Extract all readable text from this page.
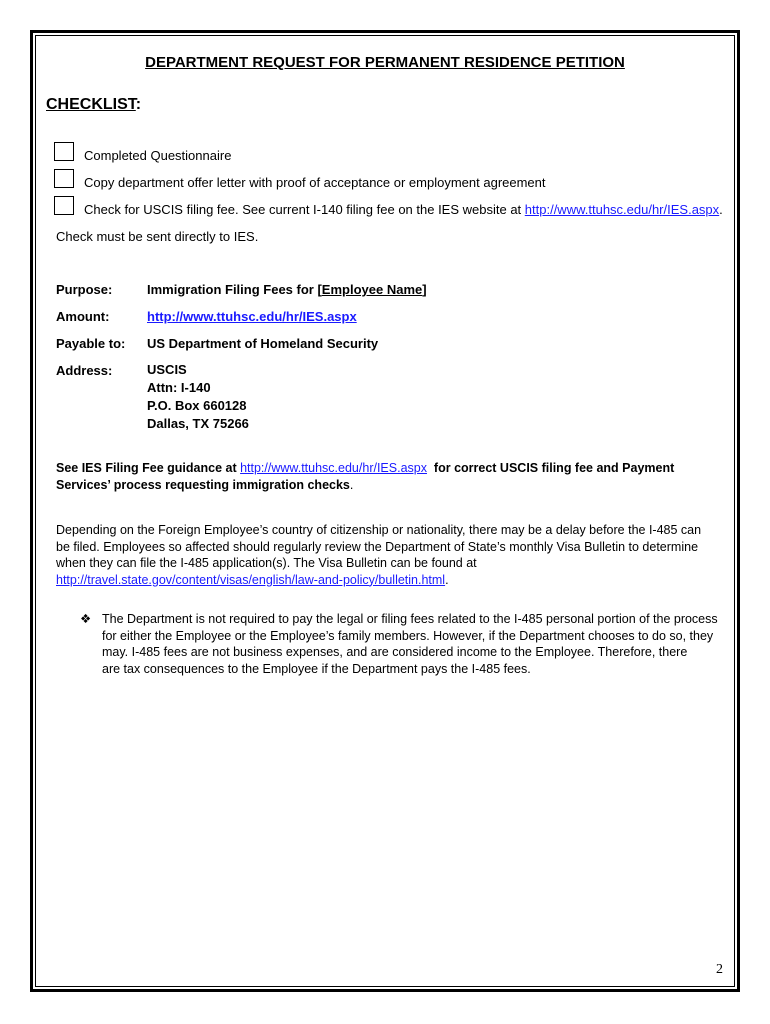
DEPARTMENT REQUEST FOR PERMANENT RESIDENCE PETITION
CHECKLIST:
Completed Questionnaire
Copy department offer letter with proof of acceptance or employment agreement
Check for USCIS filing fee. See current I-140 filing fee on the IES website at http://www.ttuhsc.edu/hr/IES.aspx.
Check must be sent directly to IES.
Purpose:	Immigration Filing Fees for [Employee Name]
Amount:	http://www.ttuhsc.edu/hr/IES.aspx
Payable to: US Department of Homeland Security
Address:	USCIS
Attn: I-140
P.O. Box 660128
Dallas, TX 75266
See IES Filing Fee guidance at http://www.ttuhsc.edu/hr/IES.aspx  for correct USCIS filing fee and Payment
Services’ process requesting immigration checks.
Depending on the Foreign Employee’s country of citizenship or nationality, there may be a delay before the I-485 can
be filed. Employees so affected should regularly review the Department of State’s monthly Visa Bulletin to determine
when they can file the I-485 application(s). The Visa Bulletin can be found at
http://travel.state.gov/content/visas/english/law-and-policy/bulletin.html.
❖ The Department is not required to pay the legal or filing fees related to the I-485 personal portion of the process
for either the Employee or the Employee’s family members. However, if the Department chooses to do so, they
may. I-485 fees are not business expenses, and are considered income to the Employee. Therefore, there
are tax consequences to the Employee if the Department pays the I-485 fees.
2
